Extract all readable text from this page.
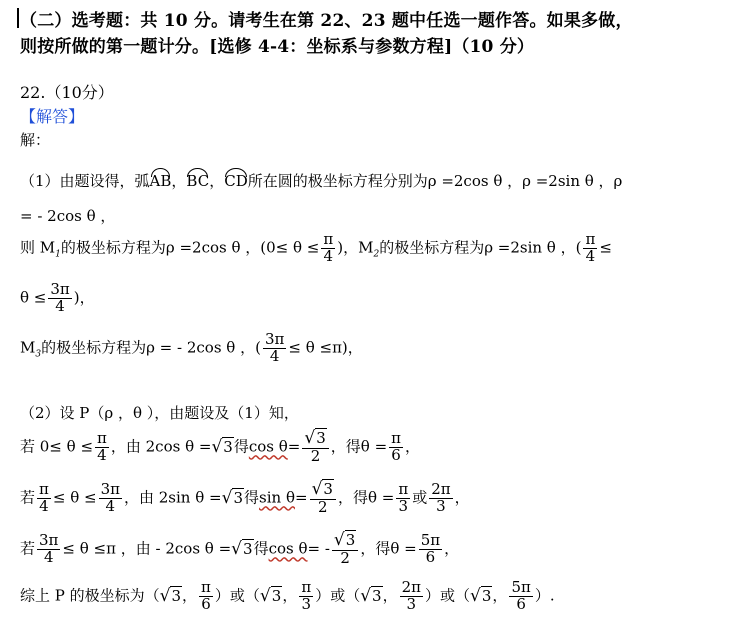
（二）选考题：共 10 分。请考生在第 22、23 题中任选一题作答。如果多做，
则按所做的第一题计分。[选修 4-4：坐标系与参数方程]（10 分）
22.（10分）
【解答】
解：
（1）由题设得，弧AB，BC，CD所在圆的极坐标方程分别为ρ =2cos θ ，ρ =2sin θ ，ρ
= - 2cos θ ，
则 $M_1$的极坐标方程为ρ =2cos θ ，($0\le \theta \le \frac{\pi}{4}$ )，$M_2$的极坐标方程为ρ =2sin θ ，( $\frac{\pi}{4}$ ≤
$\theta \le \frac{3\pi}{4}$ )，
$M_3$的极坐标方程为ρ = - 2cos θ ，( $\frac{3\pi}{4} \le \theta \le\pi$)，
（2）设 P（ρ ，θ ），由题设及（1）知，
若 $0\le \theta \le \frac{\pi}{4}$ ，由 2cos θ =√3得$\cos \theta= \frac{√3}{2}$ ，得$\theta = \frac{\pi}{6}$ ，
若 $\frac{\pi}{4} \le \theta \le \frac{3\pi}{4}$ ，由 2sin θ =√3得$\sin \theta= \frac{√3}{2}$ ，得$\theta = \frac{\pi}{3}$ 或 $\frac{2\pi}{3}$ ，
若 $\frac{3\pi}{4} \le \theta \le\pi$ ，由 - 2cos θ =√3得$\cos \theta= - \frac{√3}{2}$ ，得$\theta = \frac{5\pi}{6}$ ，
综上 P 的极坐标为（√3， $\frac{\pi}{6}$ ）或（√3， $\frac{\pi}{3}$ ）或（√3， $\frac{2\pi}{3}$ ）或（√3， $\frac{5\pi}{6}$ ）.
